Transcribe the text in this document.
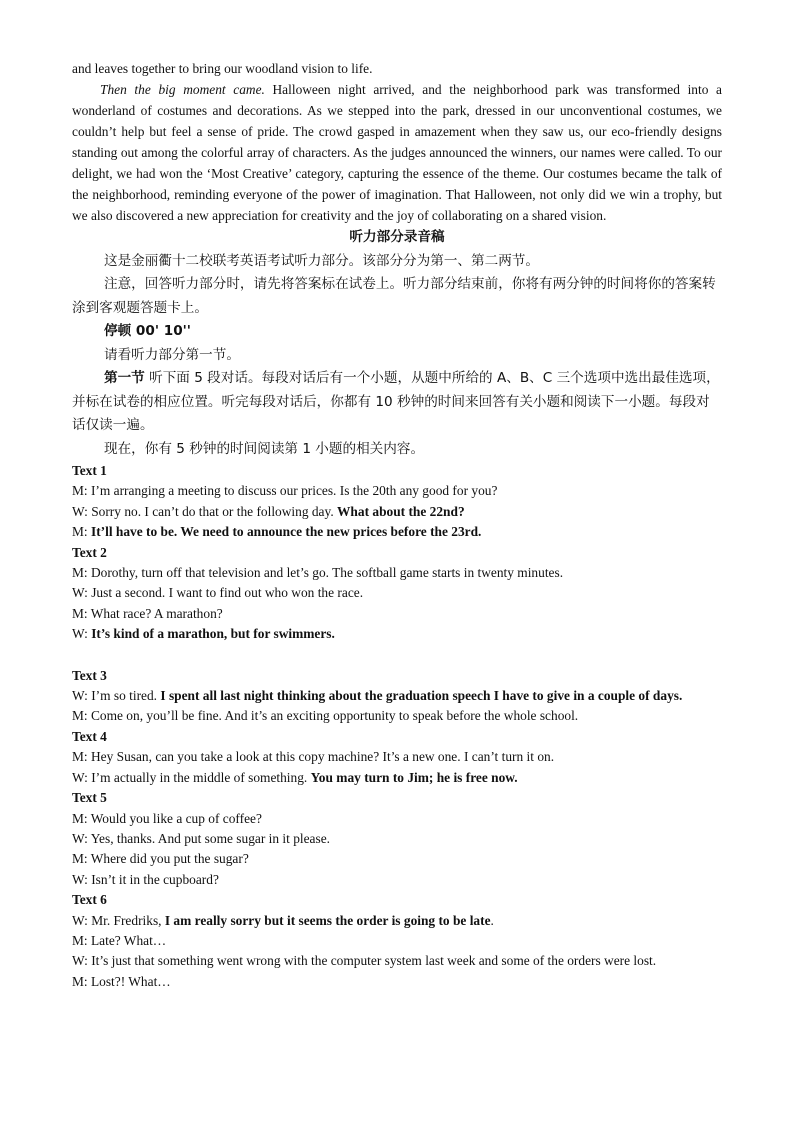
and leaves together to bring our woodland vision to life.

Then the big moment came. Halloween night arrived, and the neighborhood park was transformed into a wonderland of costumes and decorations. As we stepped into the park, dressed in our unconventional costumes, we couldn’t help but feel a sense of pride. The crowd gasped in amazement when they saw us, our eco-friendly designs standing out among the colorful array of characters. As the judges announced the winners, our names were called. To our delight, we had won the ‘Most Creative’ category, capturing the essence of the theme. Our costumes became the talk of the neighborhood, reminding everyone of the power of imagination. That Halloween, not only did we win a trophy, but we also discovered a new appreciation for creativity and the joy of collaborating on a shared vision.

听力部分录音稿

这是金丽衢十二校联考英语考试听力部分。该部分分为第一、第二两节。

注意，回答听力部分时，请先将答案标在试卷上。听力部分结束前，你将有两分钟的时间将你的答案转涂到客观题答题卡上。

停顿 00' 10''

请看听力部分第一节。

第一节 听下面 5 段对话。每段对话后有一个小题，从题中所给的 A、B、C 三个选项中选出最佳选项，并标在试卷的相应位置。听完每段对话后，你都有 10 秒钟的时间来回答有关小题和阅读下一小题。每段对话仅读一遍。

现在，你有 5 秒钟的时间阅读第 1 小题的相关内容。

Text 1

M: I’m arranging a meeting to discuss our prices. Is the 20th any good for you?

W: Sorry no. I can’t do that or the following day. What about the 22nd?

M: It’ll have to be. We need to announce the new prices before the 23rd.

Text 2

M: Dorothy, turn off that television and let’s go. The softball game starts in twenty minutes.

W: Just a second. I want to find out who won the race.

M: What race? A marathon?

W: It’s kind of a marathon, but for swimmers.

Text 3

W: I’m so tired. I spent all last night thinking about the graduation speech I have to give in a couple of days.

M: Come on, you’ll be fine. And it’s an exciting opportunity to speak before the whole school.

Text 4

M: Hey Susan, can you take a look at this copy machine? It’s a new one. I can’t turn it on.

W: I’m actually in the middle of something. You may turn to Jim; he is free now.

Text 5

M: Would you like a cup of coffee?

W: Yes, thanks. And put some sugar in it please.

M: Where did you put the sugar?

W: Isn’t it in the cupboard?

Text 6

W: Mr. Fredriks, I am really sorry but it seems the order is going to be late.

M: Late? What…

W: It’s just that something went wrong with the computer system last week and some of the orders were lost.

M: Lost?! What…
